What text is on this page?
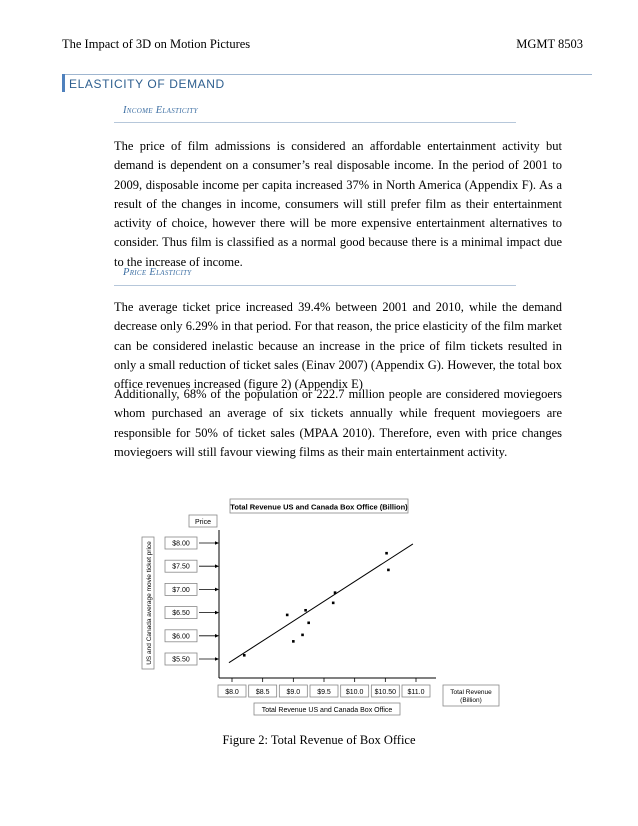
The Impact of 3D on Motion Pictures	MGMT 8503
ELASTICITY OF DEMAND
Income Elasticity

The price of film admissions is considered an affordable entertainment activity but demand is dependent on a consumer’s real disposable income. In the period of 2001 to 2009, disposable income per capita increased 37% in North America (Appendix F). As a result of the changes in income, consumers will still prefer film as their entertainment activity of choice, however there will be more expensive entertainment alternatives to consider. Thus film is classified as a normal good because there is a minimal impact due to the increase of income.

Price Elasticity

The average ticket price increased 39.4% between 2001 and 2010, while the demand decrease only 6.29% in that period. For that reason, the price elasticity of the film market can be considered inelastic because an increase in the price of film tickets resulted in only a small reduction of ticket sales (Einav 2007) (Appendix G). However, the total box office revenues increased (figure 2) (Appendix E)

Additionally, 68% of the population or 222.7 million people are considered moviegoers whom purchased an average of six tickets annually while frequent moviegoers are responsible for 50% of ticket sales (MPAA 2010). Therefore, even with price changes moviegoers will still favour viewing films as their main entertainment activity.

Total Revenue US and Canada Box Office (Billion)
Price
US and Canada average movie ticket price
Total Revenue
(Billion)
Total Revenue US and Canada Box Office
$8.00
$7.50
$7.00
$6.50
$6.00
$5.50
$8.0 $8.5 $9.0 $9.5 $10.0 $10.50 $11.0
Figure 2: Total Revenue of Box Office
